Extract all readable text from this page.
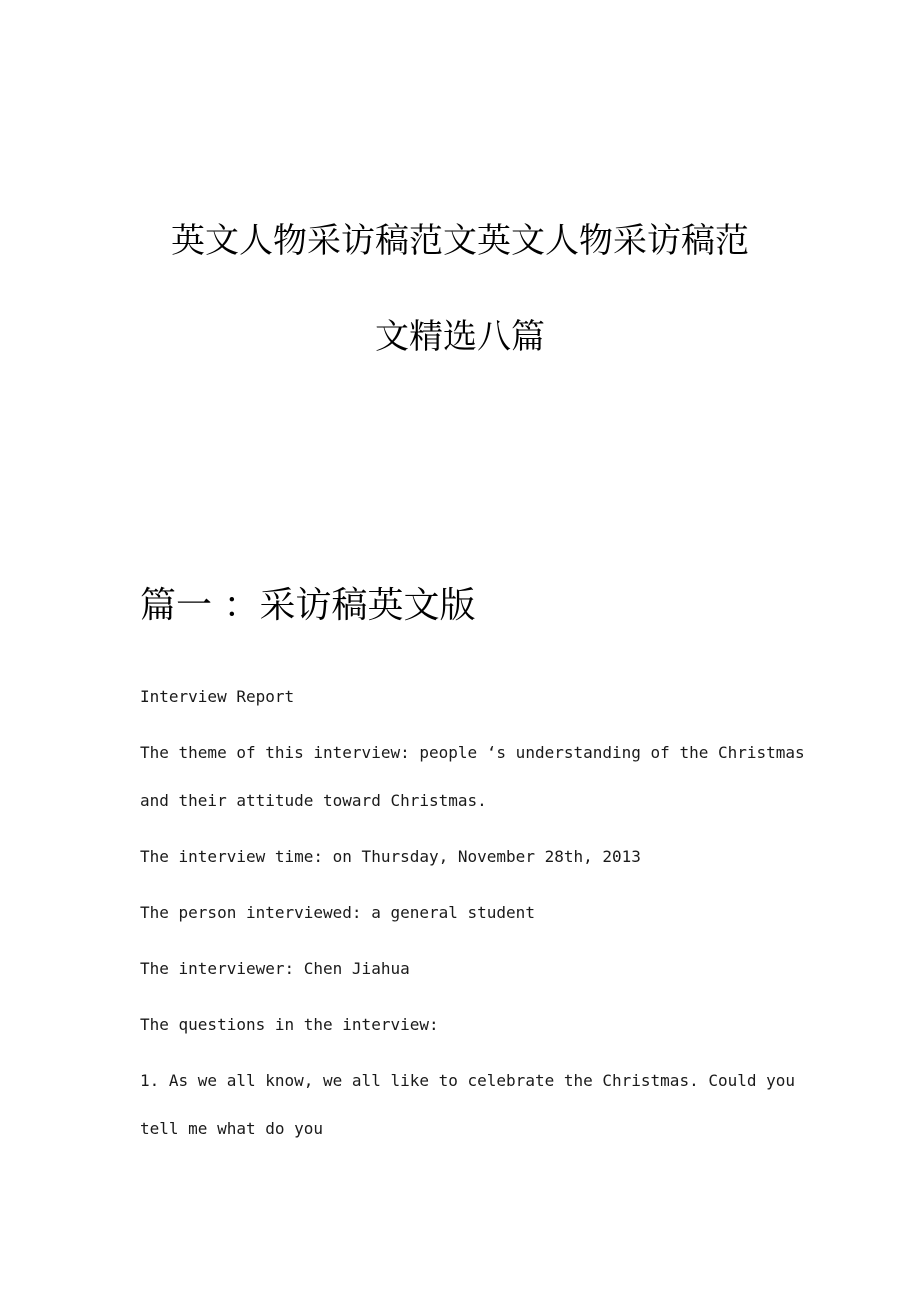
英文人物采访稿范文英文人物采访稿范
文精选八篇
篇一 ：采访稿英文版
Interview Report
The theme of this interview: people ‘s understanding of the Christmas
and their attitude toward Christmas.
The interview time: on Thursday, November 28th, 2013
The person interviewed: a general student
The interviewer: Chen Jiahua
The questions in the interview:
1. As we all know, we all like to celebrate the Christmas. Could you
tell me what do you
